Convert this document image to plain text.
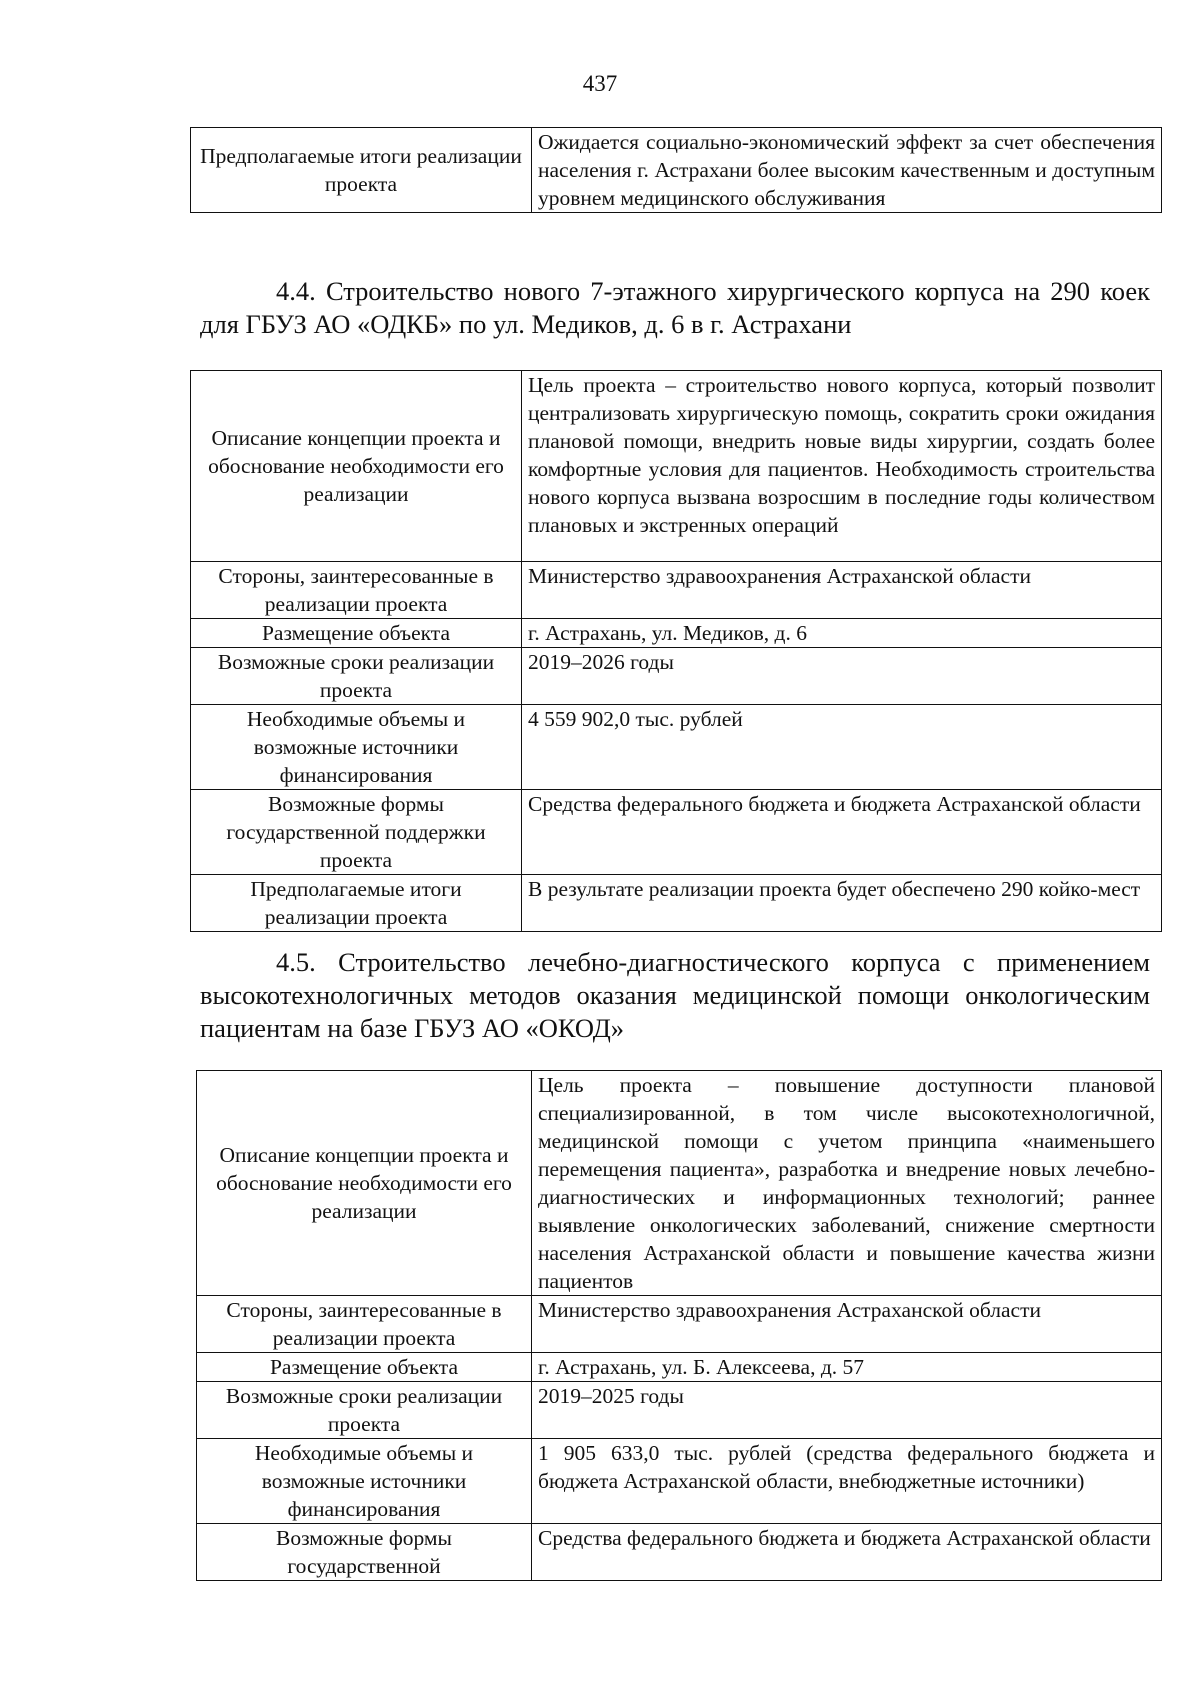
437
Предполагаемые итоги реализации проекта	Ожидается социально-экономический эффект за счет обеспечения населения г. Астрахани более высоким качественным и доступным уровнем медицинского обслуживания
4.4. Строительство нового 7-этажного хирургического корпуса на 290 коек для ГБУЗ АО «ОДКБ» по ул. Медиков, д. 6 в г. Астрахани
Описание концепции проекта и обоснование необходимости его реализации	Цель проекта – строительство нового корпуса, который позволит централизовать хирургическую помощь, сократить сроки ожидания плановой помощи, внедрить новые виды хирургии, создать более комфортные условия для пациентов. Необходимость строительства нового корпуса вызвана возросшим в последние годы количеством плановых и экстренных операций
Стороны, заинтересованные в реализации проекта	Министерство здравоохранения Астраханской области
Размещение объекта	г. Астрахань, ул. Медиков, д. 6
Возможные сроки реализации проекта	2019–2026 годы
Необходимые объемы и возможные источники финансирования	4 559 902,0 тыс. рублей
Возможные формы государственной поддержки проекта	Средства федерального бюджета и бюджета Астраханской области
Предполагаемые итоги реализации проекта	В результате реализации проекта будет обеспечено 290 койко-мест
4.5. Строительство лечебно-диагностического корпуса с применением высокотехнологичных методов оказания медицинской помощи онкологическим пациентам на базе ГБУЗ АО «ОКОД»
Описание концепции проекта и обоснование необходимости его реализации	Цель проекта – повышение доступности плановой специализированной, в том числе высокотехнологичной, медицинской помощи с учетом принципа «наименьшего перемещения пациента», разработка и внедрение новых лечебно-диагностических и информационных технологий; раннее выявление онкологических заболеваний, снижение смертности населения Астраханской области и повышение качества жизни пациентов
Стороны, заинтересованные в реализации проекта	Министерство здравоохранения Астраханской области
Размещение объекта	г. Астрахань, ул. Б. Алексеева, д. 57
Возможные сроки реализации проекта	2019–2025 годы
Необходимые объемы и возможные источники финансирования	1 905 633,0 тыс. рублей (средства федерального бюджета и бюджета Астраханской области, внебюджетные источники)
Возможные формы государственной	Средства федерального бюджета и бюджета Астраханской области
